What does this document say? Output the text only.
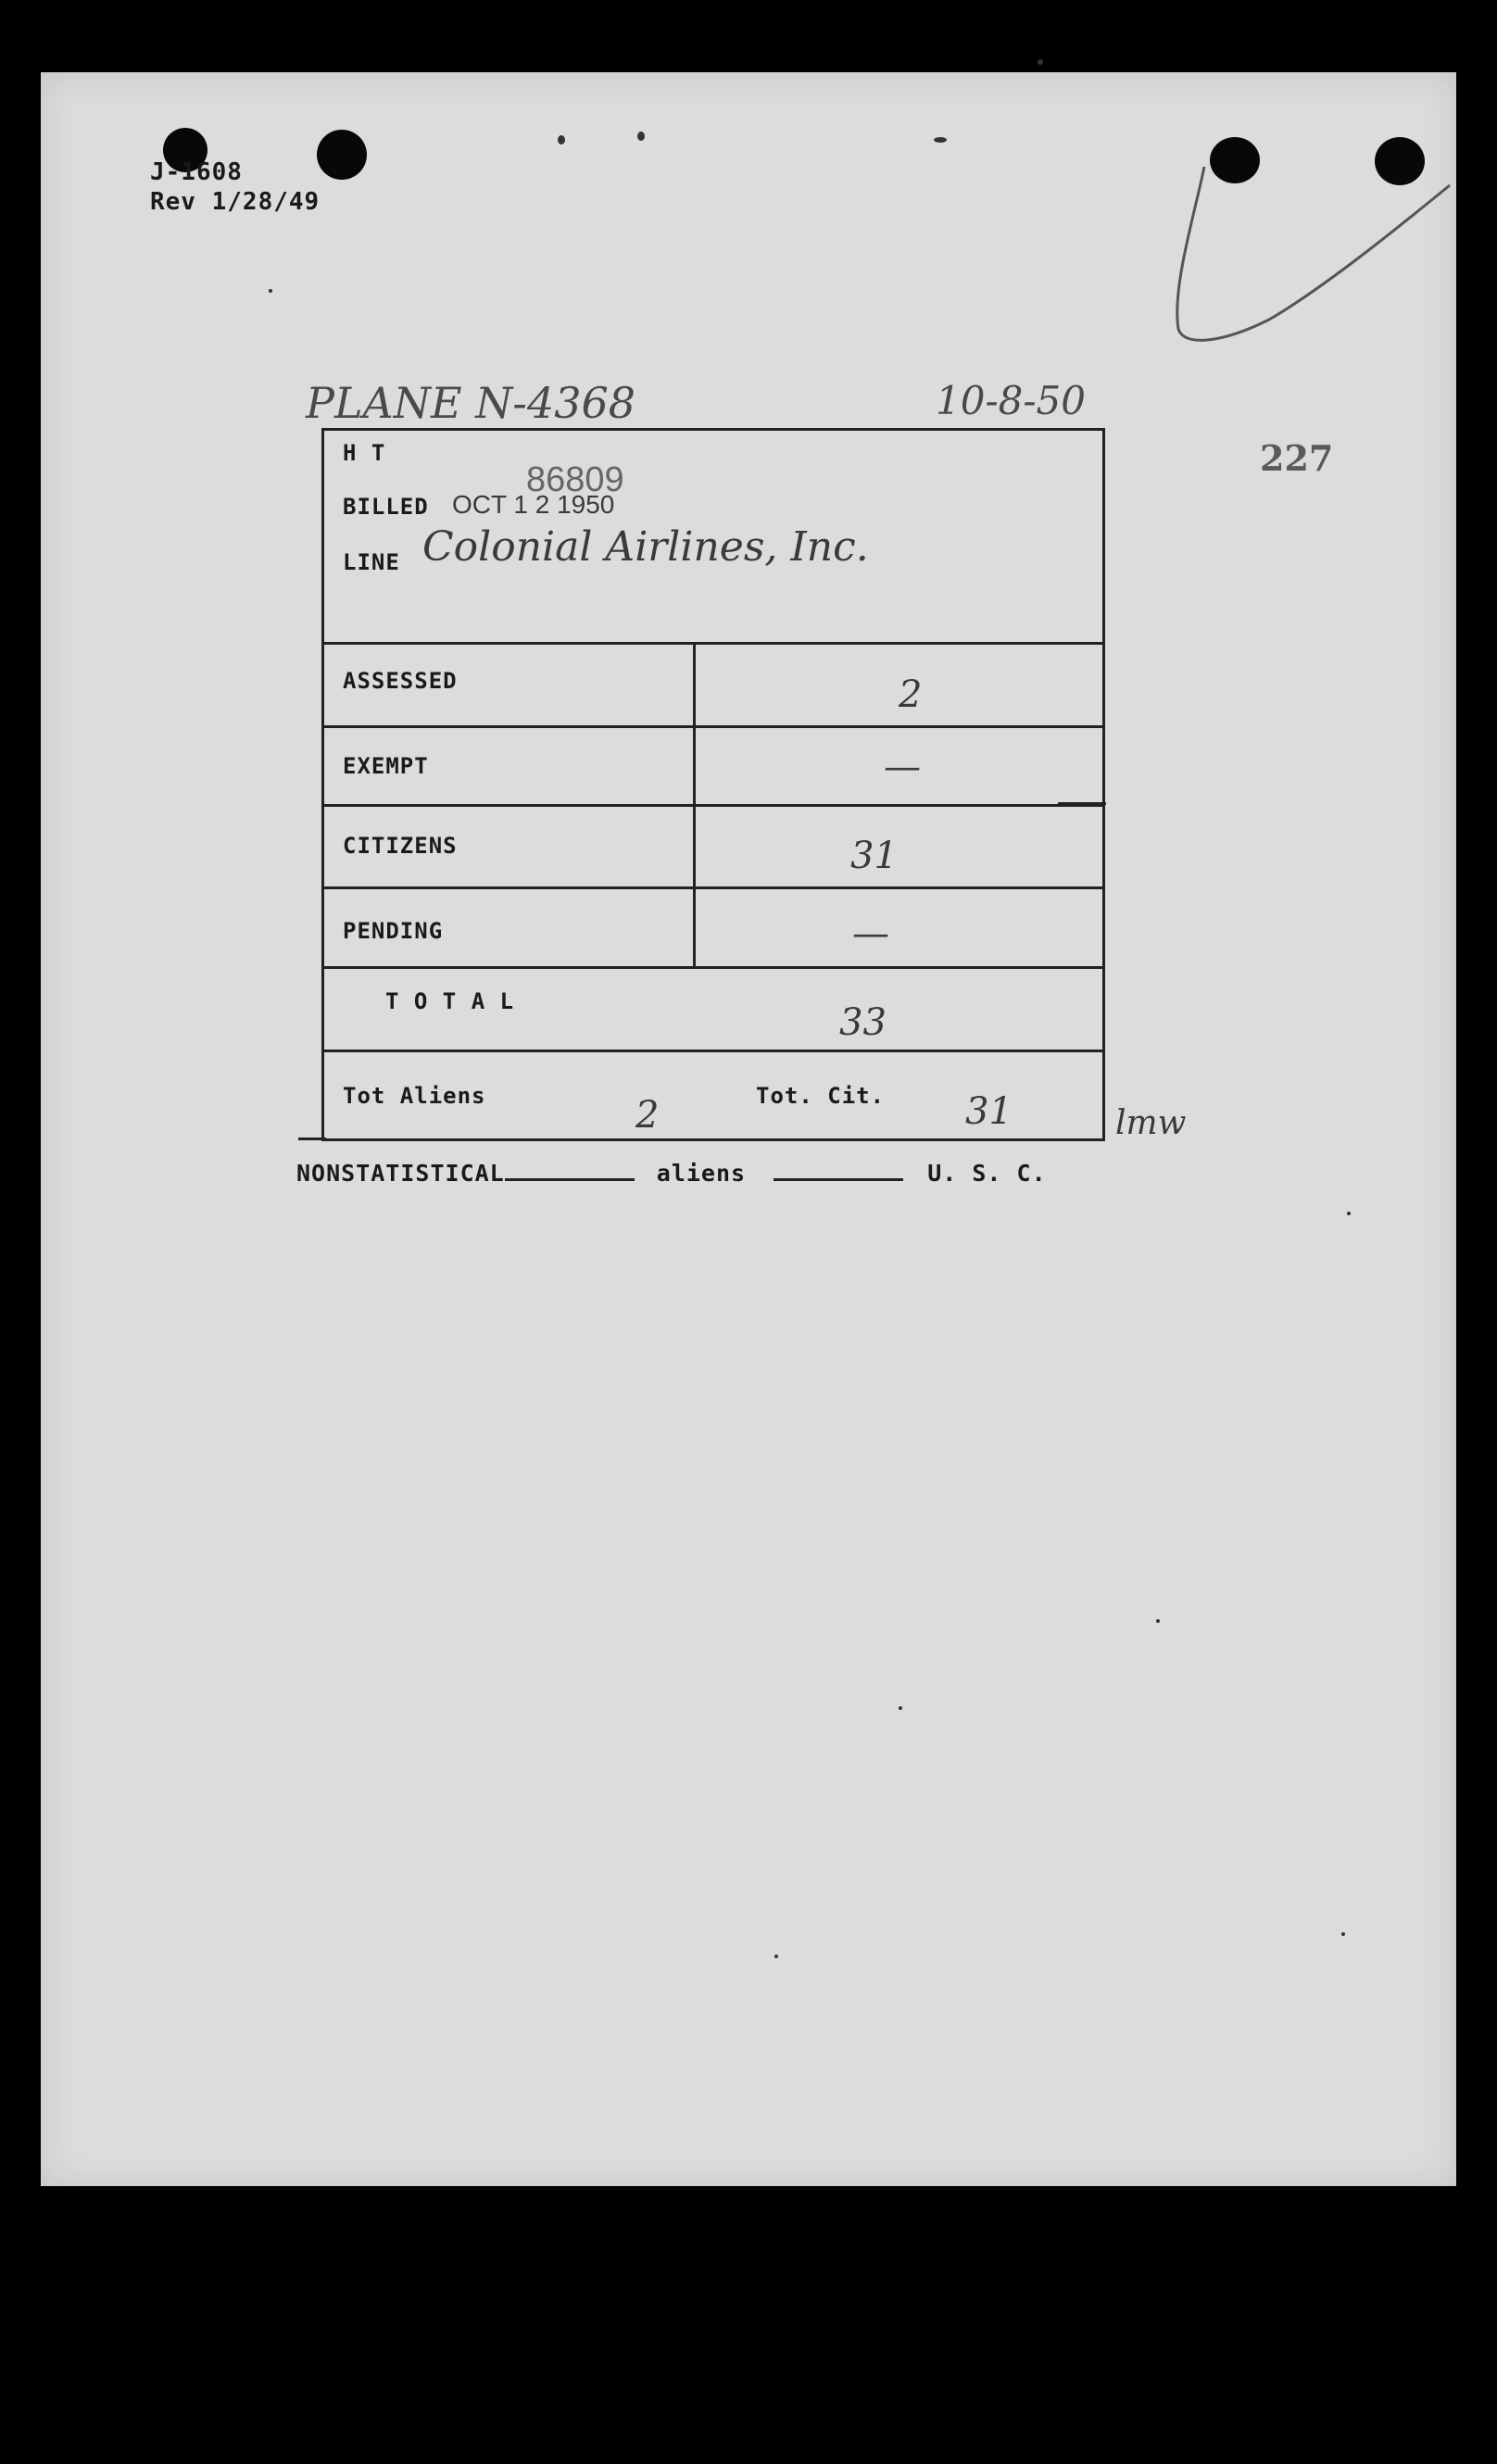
J-1608
Rev 1/28/49
PLANE N-4368	10-8-50
227
H T
86809
BILLED OCT 1 2 1950
LINE Colonial Airlines, Inc.
ASSESSED	2
EXEMPT	—
CITIZENS	31
PENDING	—
T O T A L	33
Tot Aliens	2	Tot. Cit. 31	lmw
NONSTATISTICAL	aliens	U. S. C.
